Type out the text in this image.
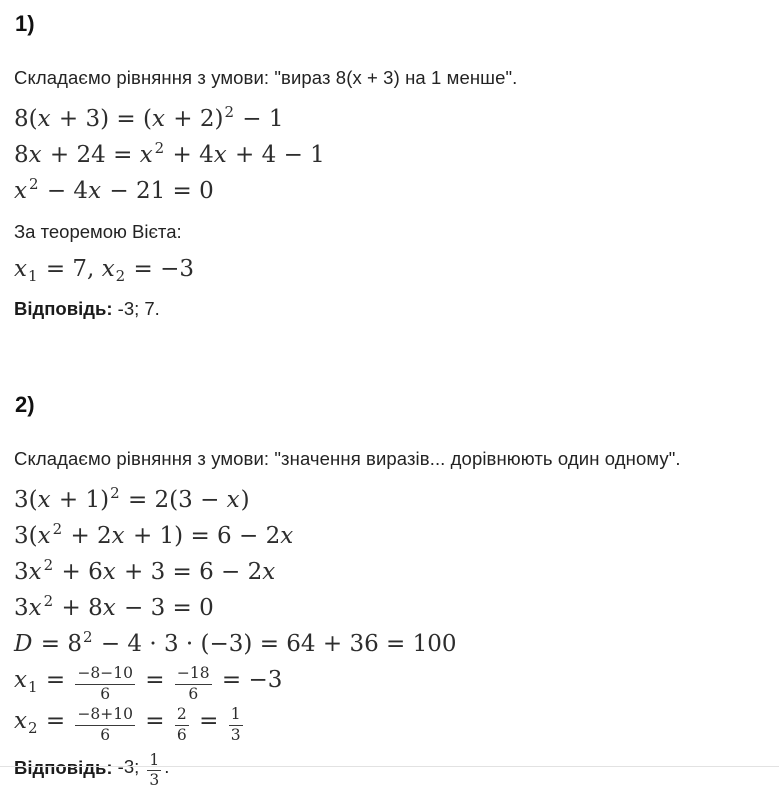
1)

Складаємо рівняння з умови: "вираз 8(x + 3) на 1 менше".

$8(x + 3) = (x + 2)^2 - 1$
8x + 24 = x $^2$ + 4x + 4 − 1
x $^2$ − 4x − 21 = 0

За теоремою Вієта:

$x_1 = 7$, $x_2 = -3$

Відповідь: -3; 7.

2)

Складаємо рівняння з умови: "значення виразів... дорівнюють один одному".

$3(x + 1)^2 = 2(3 - x)$
3(x $^2$ + 2x + 1) = 6 − 2x
3x $^2$ + 6x + 3 = 6 − 2x
3x $^2$ + 8x − 3 = 0
$D = 8^2 - 4 \cdot 3 \cdot (-3) = 64 + 36 = 100$
$x_1 = \frac{-8-10}{6} = \frac{-18}{6} = -3$
$x_2 = \frac{-8+10}{6} = \frac{2}{6} = \frac{1}{3}$

Відповідь: -3; $\frac{1}{3}$ .
